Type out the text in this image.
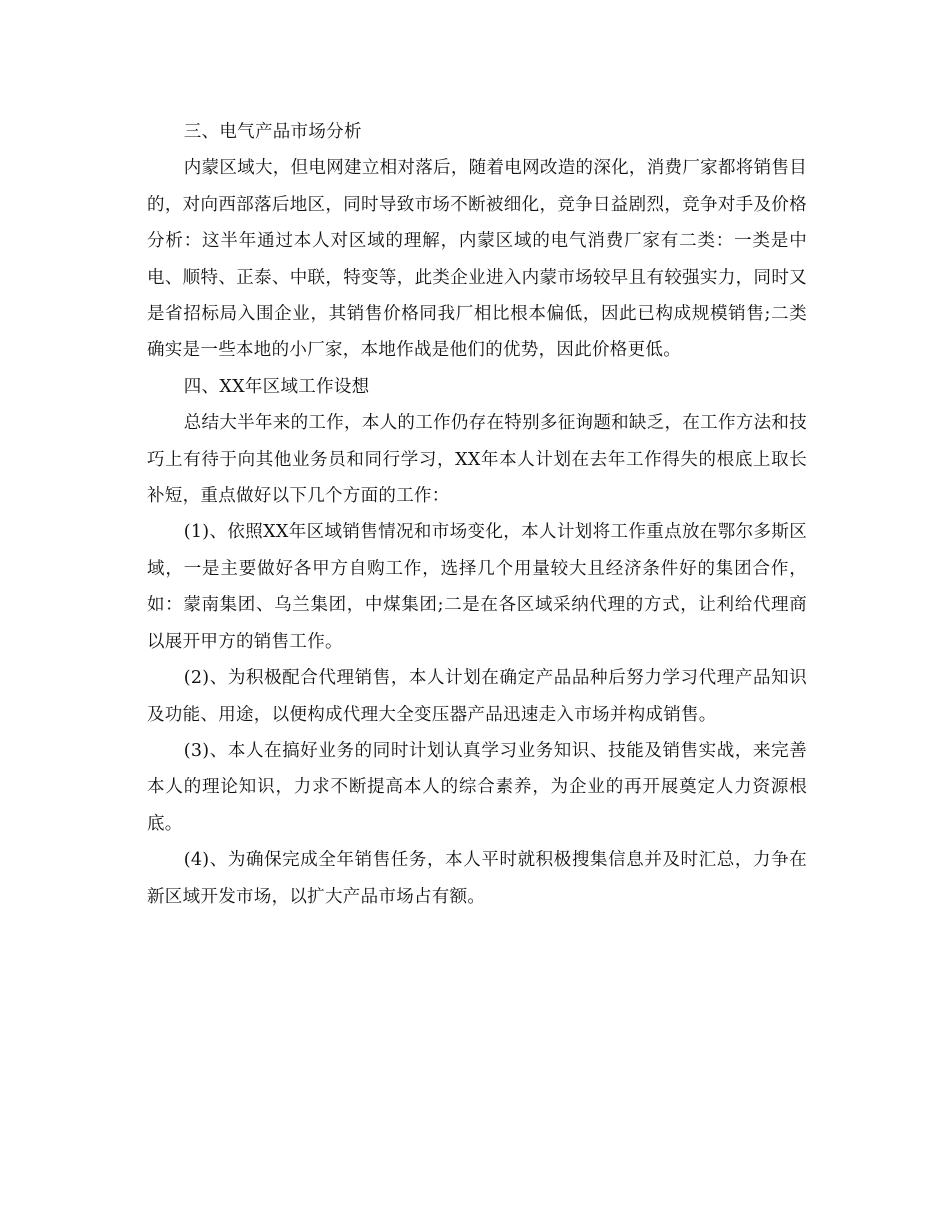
三、电气产品市场分析

内蒙区域大，但电网建立相对落后，随着电网改造的深化，消费厂家都将销售目的，对向西部落后地区，同时导致市场不断被细化，竞争日益剧烈，竞争对手及价格分析：这半年通过本人对区域的理解，内蒙区域的电气消费厂家有二类：一类是中电、顺特、正泰、中联，特变等，此类企业进入内蒙市场较早且有较强实力，同时又是省招标局入围企业，其销售价格同我厂相比根本偏低，因此已构成规模销售;二类确实是一些本地的小厂家，本地作战是他们的优势，因此价格更低。

四、XX年区域工作设想

总结大半年来的工作，本人的工作仍存在特别多征询题和缺乏，在工作方法和技巧上有待于向其他业务员和同行学习，XX年本人计划在去年工作得失的根底上取长补短，重点做好以下几个方面的工作：

(1)、依照XX年区域销售情况和市场变化，本人计划将工作重点放在鄂尔多斯区域，一是主要做好各甲方自购工作，选择几个用量较大且经济条件好的集团合作，如：蒙南集团、乌兰集团，中煤集团;二是在各区域采纳代理的方式，让利给代理商以展开甲方的销售工作。

(2)、为积极配合代理销售，本人计划在确定产品品种后努力学习代理产品知识及功能、用途，以便构成代理大全变压器产品迅速走入市场并构成销售。

(3)、本人在搞好业务的同时计划认真学习业务知识、技能及销售实战，来完善本人的理论知识，力求不断提高本人的综合素养，为企业的再开展奠定人力资源根底。

(4)、为确保完成全年销售任务，本人平时就积极搜集信息并及时汇总，力争在新区域开发市场，以扩大产品市场占有额。
